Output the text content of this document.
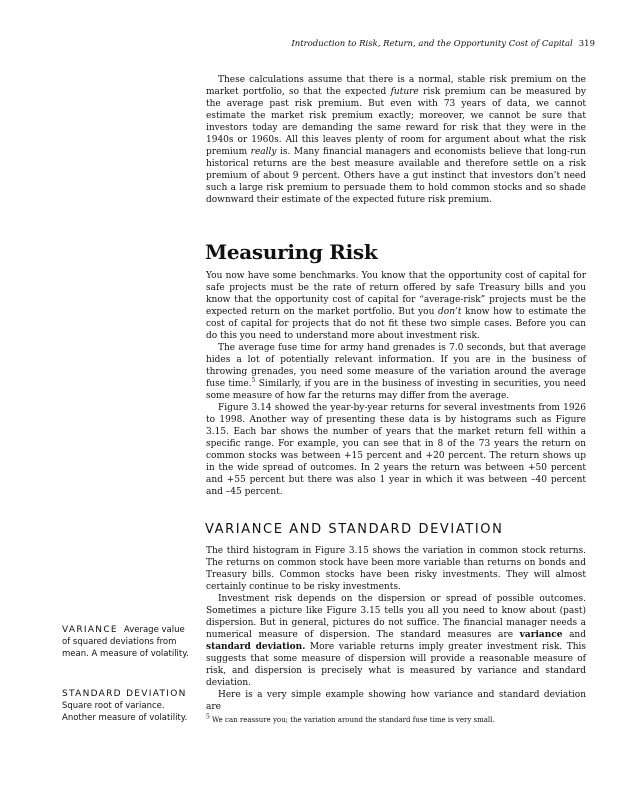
Introduction to Risk, Return, and the Opportunity Cost of Capital 319

These calculations assume that there is a normal, stable risk premium on the market portfolio, so that the expected future risk premium can be measured by the average past risk premium. But even with 73 years of data, we cannot estimate the market risk premium exactly; moreover, we cannot be sure that investors today are demanding the same reward for risk that they were in the 1940s or 1960s. All this leaves plenty of room for argument about what the risk premium really is. Many financial managers and economists believe that long-run historical returns are the best measure available and therefore settle on a risk premium of about 9 percent. Others have a gut instinct that investors don’t need such a large risk premium to persuade them to hold common stocks and so shade downward their estimate of the expected future risk premium.

Measuring Risk

You now have some benchmarks. You know that the opportunity cost of capital for safe projects must be the rate of return offered by safe Treasury bills and you know that the opportunity cost of capital for “average-risk” projects must be the expected return on the market portfolio. But you don’t know how to estimate the cost of capital for projects that do not fit these two simple cases. Before you can do this you need to understand more about investment risk.

The average fuse time for army hand grenades is 7.0 seconds, but that average hides a lot of potentially relevant information. If you are in the business of throwing grenades, you need some measure of the variation around the average fuse time.$^5$ Similarly, if you are in the business of investing in securities, you need some measure of how far the returns may differ from the average.

Figure 3.14 showed the year-by-year returns for several investments from 1926 to 1998. Another way of presenting these data is by histograms such as Figure 3.15. Each bar shows the number of years that the market return fell within a specific range. For example, you can see that in 8 of the 73 years the return on common stocks was between +15 percent and +20 percent. The return shows up in the wide spread of outcomes. In 2 years the return was between +50 percent and +55 percent but there was also 1 year in which it was between –40 percent and –45 percent.

VARIANCE AND STANDARD DEVIATION

The third histogram in Figure 3.15 shows the variation in common stock returns. The returns on common stock have been more variable than returns on bonds and Treasury bills. Common stocks have been risky investments. They will almost certainly continue to be risky investments.

Investment risk depends on the dispersion or spread of possible outcomes. Sometimes a picture like Figure 3.15 tells you all you need to know about (past) dispersion. But in general, pictures do not suffice. The financial manager needs a numerical measure of dispersion. The standard measures are variance and standard deviation. More variable returns imply greater investment risk. This suggests that some measure of dispersion will provide a reasonable measure of risk, and dispersion is precisely what is measured by variance and standard deviation.

Here is a very simple example showing how variance and standard deviation are

VARIANCE Average value of squared deviations from mean. A measure of volatility.
STANDARD DEVIATION
Square root of variance. Another measure of volatility.	$^5$ We can reassure you; the variation around the standard fuse time is very small.
